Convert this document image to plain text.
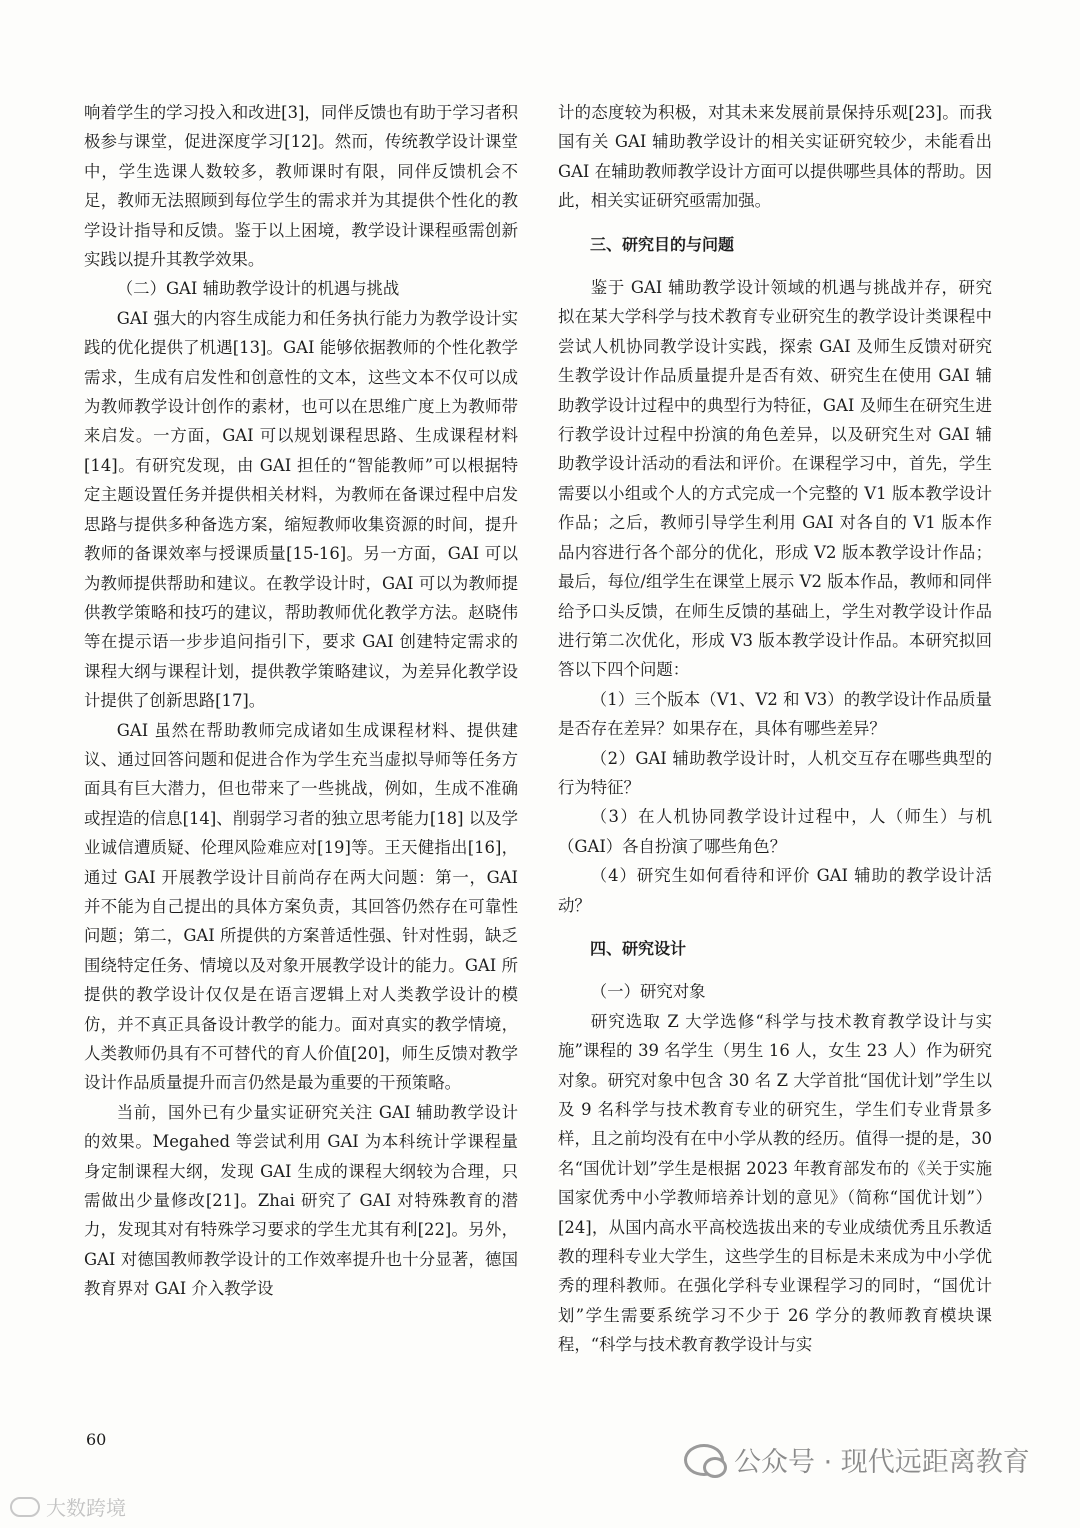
响着学生的学习投入和改进[3]，同伴反馈也有助于学习者积极参与课堂，促进深度学习[12]。然而，传统教学设计课堂中，学生选课人数较多，教师课时有限，同伴反馈机会不足，教师无法照顾到每位学生的需求并为其提供个性化的教学设计指导和反馈。鉴于以上困境，教学设计课程亟需创新实践以提升其教学效果。

（二）GAI 辅助教学设计的机遇与挑战

GAI 强大的内容生成能力和任务执行能力为教学设计实践的优化提供了机遇[13]。GAI 能够依据教师的个性化教学需求，生成有启发性和创意性的文本，这些文本不仅可以成为教师教学设计创作的素材，也可以在思维广度上为教师带来启发。一方面，GAI 可以规划课程思路、生成课程材料[14]。有研究发现，由 GAI 担任的“智能教师”可以根据特定主题设置任务并提供相关材料，为教师在备课过程中启发思路与提供多种备选方案，缩短教师收集资源的时间，提升教师的备课效率与授课质量[15-16]。另一方面，GAI 可以为教师提供帮助和建议。在教学设计时，GAI 可以为教师提供教学策略和技巧的建议，帮助教师优化教学方法。赵晓伟等在提示语一步步追问指引下，要求 GAI 创建特定需求的课程大纲与课程计划，提供教学策略建议，为差异化教学设计提供了创新思路[17]。

GAI 虽然在帮助教师完成诸如生成课程材料、提供建议、通过回答问题和促进合作为学生充当虚拟导师等任务方面具有巨大潜力，但也带来了一些挑战，例如，生成不准确或捏造的信息[14]、削弱学习者的独立思考能力[18] 以及学业诚信遭质疑、伦理风险难应对[19]等。王天健指出[16]，通过 GAI 开展教学设计目前尚存在两大问题：第一，GAI 并不能为自己提出的具体方案负责，其回答仍然存在可靠性问题；第二，GAI 所提供的方案普适性强、针对性弱，缺乏围绕特定任务、情境以及对象开展教学设计的能力。GAI 所提供的教学设计仅仅是在语言逻辑上对人类教学设计的模仿，并不真正具备设计教学的能力。面对真实的教学情境，人类教师仍具有不可替代的育人价值[20]，师生反馈对教学设计作品质量提升而言仍然是最为重要的干预策略。

当前，国外已有少量实证研究关注 GAI 辅助教学设计的效果。Megahed 等尝试利用 GAI 为本科统计学课程量身定制课程大纲，发现 GAI 生成的课程大纲较为合理，只需做出少量修改[21]。Zhai 研究了 GAI 对特殊教育的潜力，发现其对有特殊学习要求的学生尤其有利[22]。另外，GAI 对德国教师教学设计的工作效率提升也十分显著，德国教育界对 GAI 介入教学设

计的态度较为积极，对其未来发展前景保持乐观[23]。而我国有关 GAI 辅助教学设计的相关实证研究较少，未能看出 GAI 在辅助教师教学设计方面可以提供哪些具体的帮助。因此，相关实证研究亟需加强。

三、研究目的与问题

鉴于 GAI 辅助教学设计领域的机遇与挑战并存，研究拟在某大学科学与技术教育专业研究生的教学设计类课程中尝试人机协同教学设计实践，探索 GAI 及师生反馈对研究生教学设计作品质量提升是否有效、研究生在使用 GAI 辅助教学设计过程中的典型行为特征，GAI 及师生在研究生进行教学设计过程中扮演的角色差异，以及研究生对 GAI 辅助教学设计活动的看法和评价。在课程学习中，首先，学生需要以小组或个人的方式完成一个完整的 V1 版本教学设计作品；之后，教师引导学生利用 GAI 对各自的 V1 版本作品内容进行各个部分的优化，形成 V2 版本教学设计作品；最后，每位/组学生在课堂上展示 V2 版本作品，教师和同伴给予口头反馈，在师生反馈的基础上，学生对教学设计作品进行第二次优化，形成 V3 版本教学设计作品。本研究拟回答以下四个问题：

（1）三个版本（V1、V2 和 V3）的教学设计作品质量是否存在差异？如果存在，具体有哪些差异？

（2）GAI 辅助教学设计时，人机交互存在哪些典型的行为特征？

（3）在人机协同教学设计过程中，人（师生）与机（GAI）各自扮演了哪些角色？

（4）研究生如何看待和评价 GAI 辅助的教学设计活动？

四、研究设计

（一）研究对象

研究选取 Z 大学选修“科学与技术教育教学设计与实施”课程的 39 名学生（男生 16 人，女生 23 人）作为研究对象。研究对象中包含 30 名 Z 大学首批“国优计划”学生以及 9 名科学与技术教育专业的研究生，学生们专业背景多样，且之前均没有在中小学从教的经历。值得一提的是，30 名“国优计划”学生是根据 2023 年教育部发布的《关于实施国家优秀中小学教师培养计划的意见》（简称“国优计划”）[24]，从国内高水平高校选拔出来的专业成绩优秀且乐教适教的理科专业大学生，这些学生的目标是未来成为中小学优秀的理科教师。在强化学科专业课程学习的同时，“国优计划”学生需要系统学习不少于 26 学分的教师教育模块课程，“科学与技术教育教学设计与实

60
公众号 · 现代远距离教育
大数跨境
